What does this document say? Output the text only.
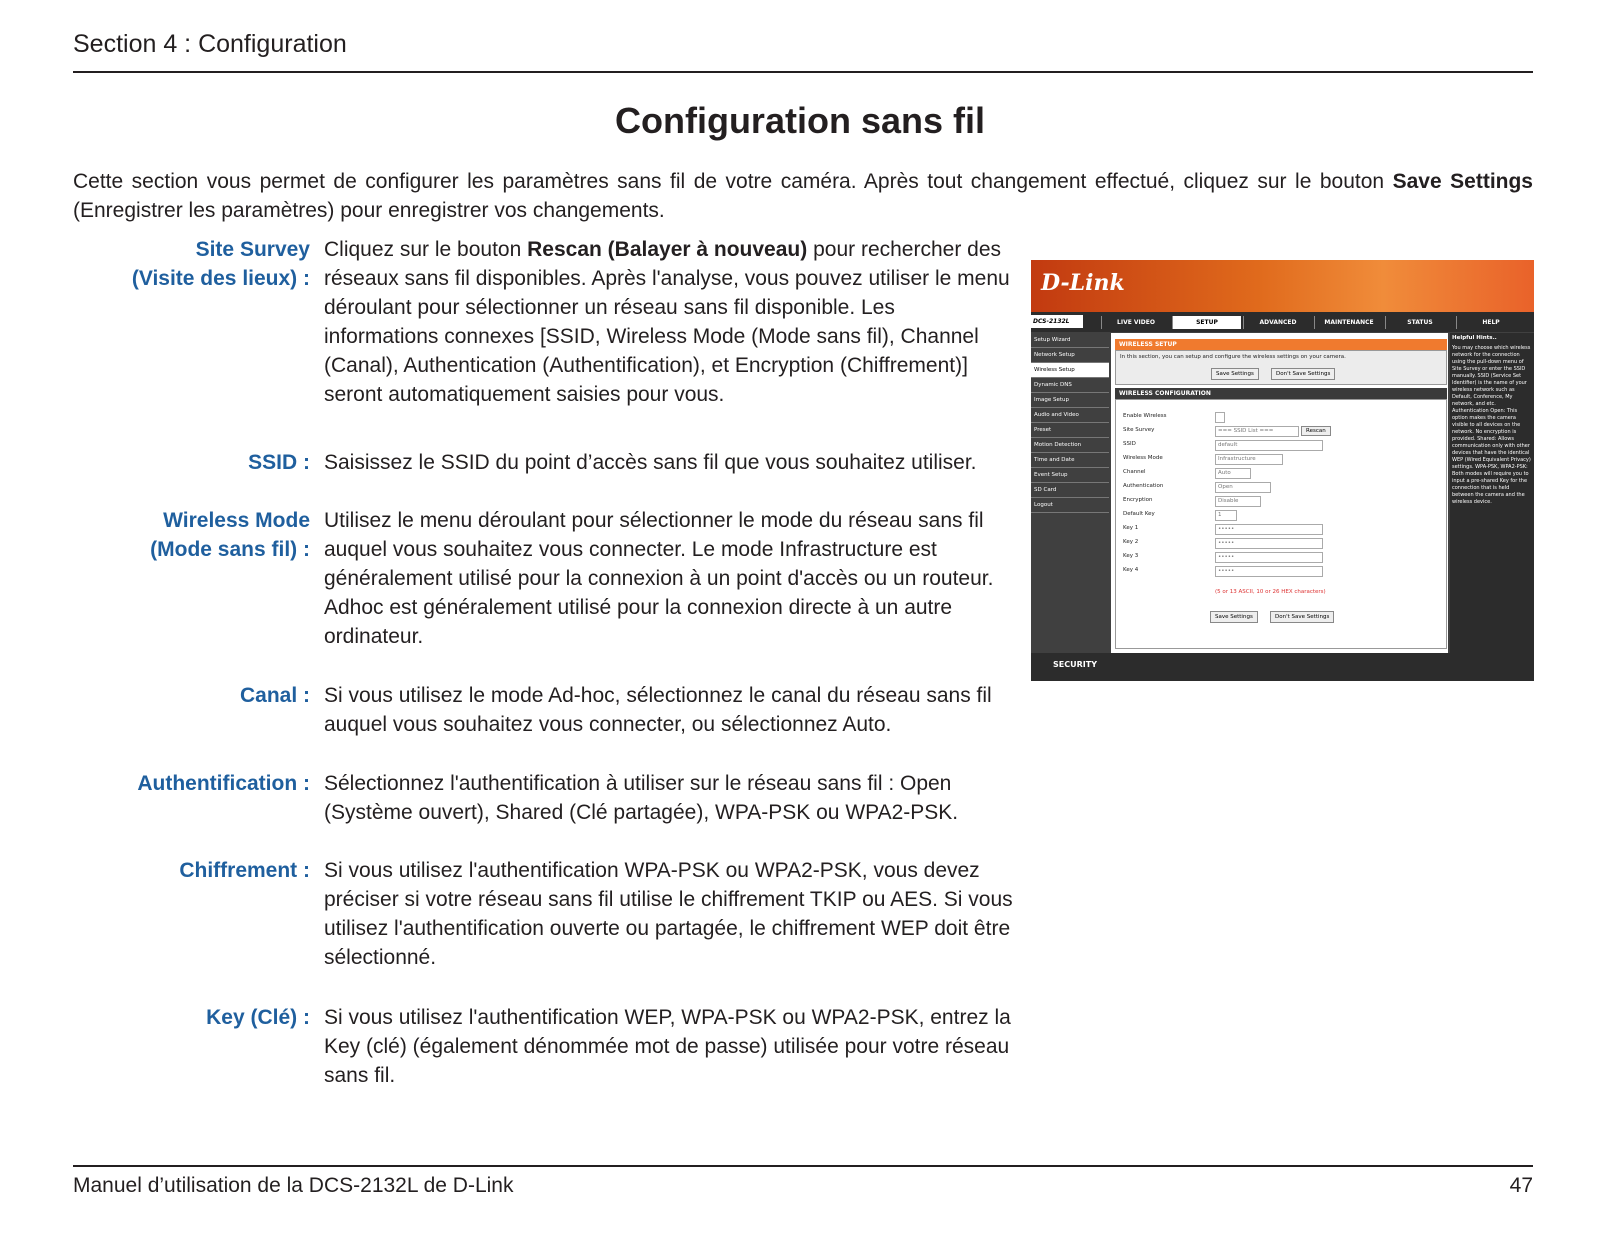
Section 4 : Configuration
Configuration sans fil
Cette section vous permet de configurer les paramètres sans fil de votre caméra. Après tout changement effectué, cliquez sur le bouton Save Settings (Enregistrer les paramètres) pour enregistrer vos changements.
Site Survey
(Visite des lieux) :
Cliquez sur le bouton Rescan (Balayer à nouveau) pour rechercher des réseaux sans fil disponibles. Après l'analyse, vous pouvez utiliser le menu déroulant pour sélectionner un réseau sans fil disponible. Les informations connexes [SSID, Wireless Mode (Mode sans fil), Channel (Canal), Authentication (Authentification), et Encryption (Chiffrement)] seront automatiquement saisies pour vous.
SSID : Saisissez le SSID du point d’accès sans fil que vous souhaitez utiliser.
Wireless Mode
(Mode sans fil) :
Utilisez le menu déroulant pour sélectionner le mode du réseau sans fil auquel vous souhaitez vous connecter. Le mode Infrastructure est généralement utilisé pour la connexion à un point d'accès ou un routeur. Adhoc est généralement utilisé pour la connexion directe à un autre ordinateur.
Canal : Si vous utilisez le mode Ad-hoc, sélectionnez le canal du réseau sans fil auquel vous souhaitez vous connecter, ou sélectionnez Auto.
Authentification : Sélectionnez l'authentification à utiliser sur le réseau sans fil : Open (Système ouvert), Shared (Clé partagée), WPA-PSK ou WPA2-PSK.
Chiffrement : Si vous utilisez l'authentification WPA-PSK ou WPA2-PSK, vous devez préciser si votre réseau sans fil utilise le chiffrement TKIP ou AES. Si vous utilisez l'authentification ouverte ou partagée, le chiffrement WEP doit être sélectionné.
Key (Clé) : Si vous utilisez l'authentification WEP, WPA-PSK ou WPA2-PSK, entrez la Key (clé) (également dénommée mot de passe) utilisée pour votre réseau sans fil.
D-Link
DCS-2132L	LIVE VIDEO	SETUP	ADVANCED	MAINTENANCE	STATUS	HELP
Setup Wizard
Network Setup
Wireless Setup
Dynamic DNS
Image Setup
Audio and Video
Preset
Motion Detection
Time and Date
Event Setup
SD Card
Logout
WIRELESS SETUP
In this section, you can setup and configure the wireless settings on your camera.
Save Settings	Don't Save Settings
WIRELESS CONFIGURATION
Enable Wireless
Site Survey	=== SSID List ===	Rescan
SSID	default
Wireless Mode	Infrastructure
Channel	Auto
Authentication	Open
Encryption	Disable
Default Key	1
Key 1	•••••
Key 2	•••••
Key 3	•••••
Key 4	•••••
(5 or 13 ASCII, 10 or 26 HEX characters)
Save Settings	Don't Save Settings
Helpful Hints..
You may choose which wireless network for the connection using the pull-down menu of Site Survey or enter the SSID manually. SSID (Service Set Identifier) is the name of your wireless network such as Default, Conference, My network, and etc. Authentication Open: This option makes the camera visible to all devices on the network. No encryption is provided. Shared: Allows communication only with other devices that have the identical WEP (Wired Equivalent Privacy) settings. WPA-PSK, WPA2-PSK: Both modes will require you to input a pre-shared Key for the connection that is held between the camera and the wireless device.
SECURITY
Manuel d’utilisation de la DCS-2132L de D-Link	47
